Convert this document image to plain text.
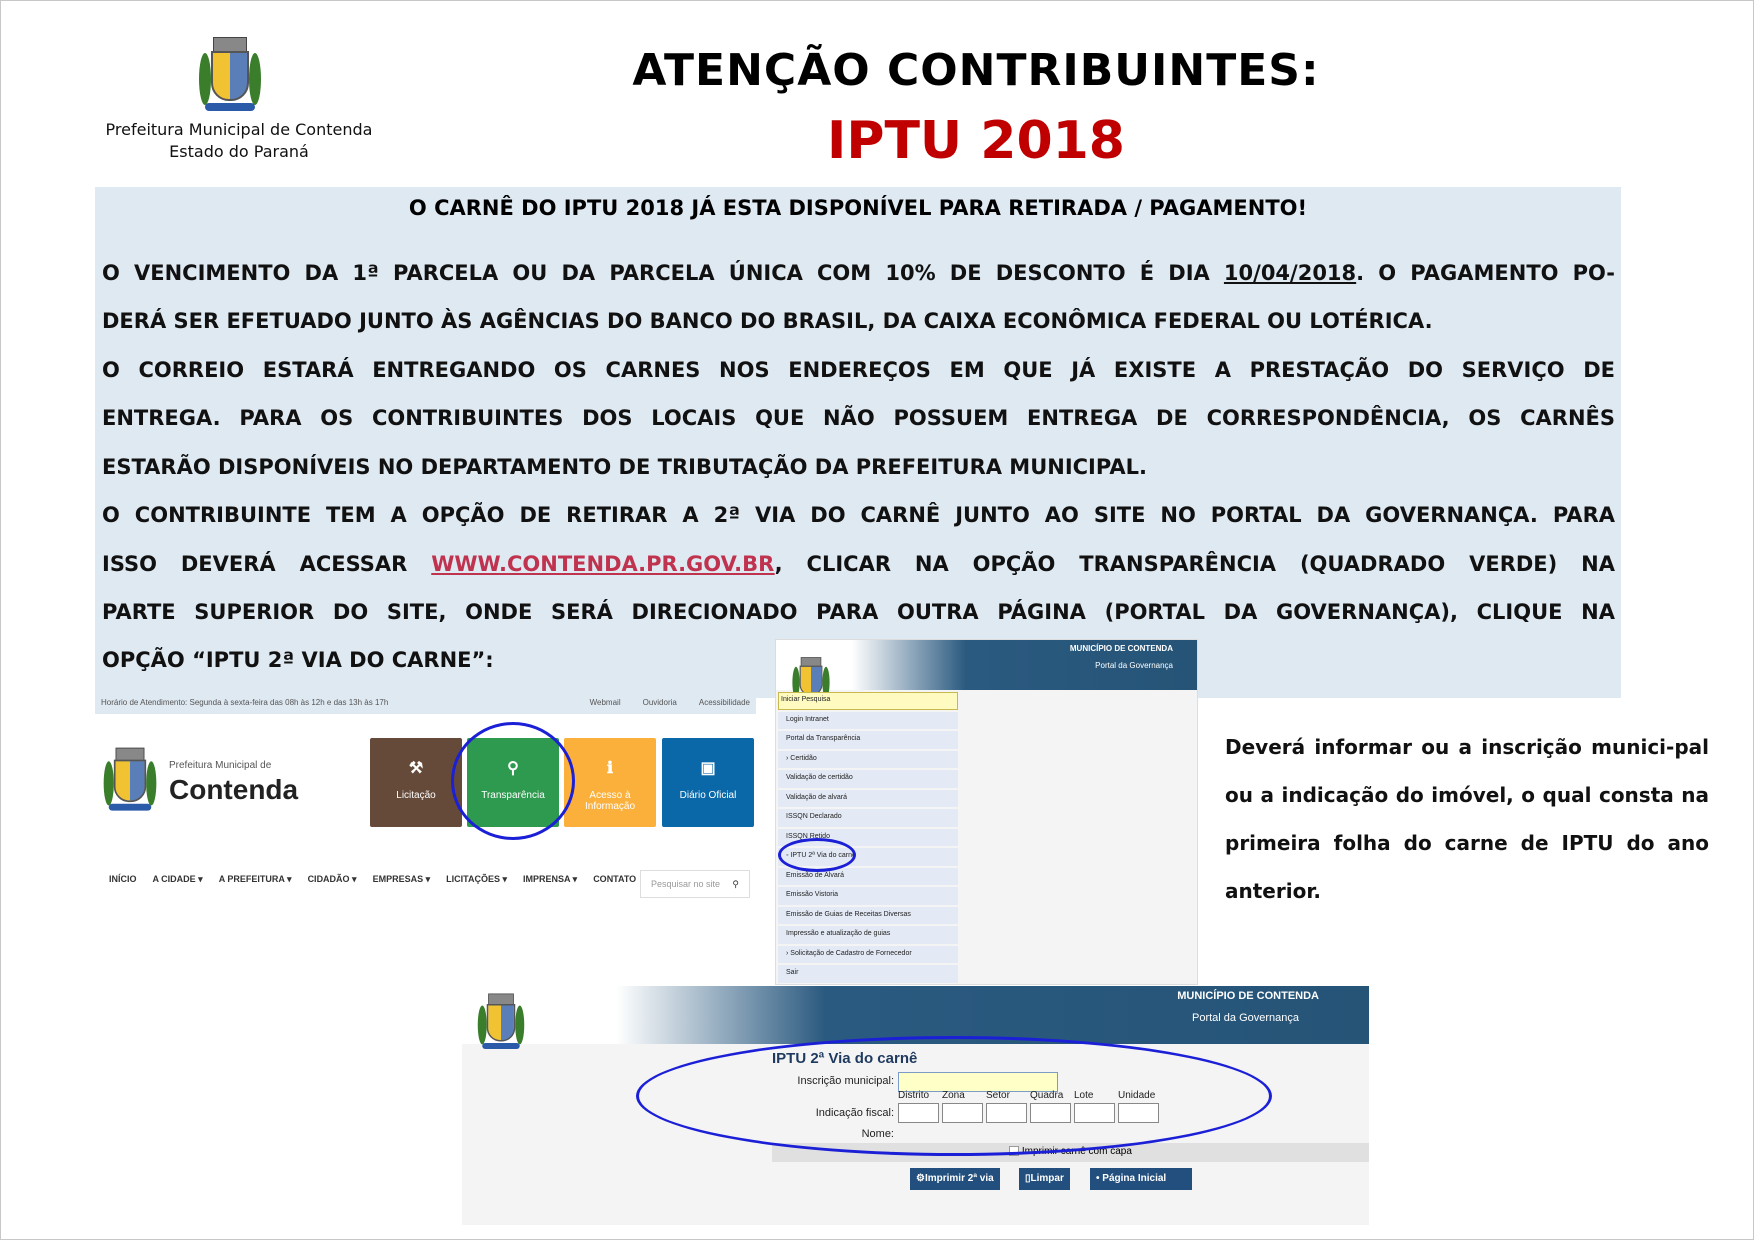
Prefeitura Municipal de Contenda
Estado do Paraná
ATENÇÃO CONTRIBUINTES:
IPTU 2018
O CARNÊ DO IPTU 2018 JÁ ESTA DISPONÍVEL PARA RETIRADA / PAGAMENTO!
O VENCIMENTO DA 1ª PARCELA OU DA PARCELA ÚNICA COM 10% DE DESCONTO É DIA 10/04/2018. O PAGAMENTO PO-
DERÁ SER EFETUADO JUNTO ÀS AGÊNCIAS DO BANCO DO BRASIL, DA CAIXA ECONÔMICA FEDERAL OU LOTÉRICA.
O CORREIO ESTARÁ ENTREGANDO OS CARNES NOS ENDEREÇOS EM QUE JÁ EXISTE A PRESTAÇÃO DO SERVIÇO DE
ENTREGA. PARA OS CONTRIBUINTES DOS LOCAIS QUE NÃO POSSUEM ENTREGA DE CORRESPONDÊNCIA, OS CARNÊS
ESTARÃO DISPONÍVEIS NO DEPARTAMENTO DE TRIBUTAÇÃO DA PREFEITURA MUNICIPAL.
O CONTRIBUINTE TEM A OPÇÃO DE RETIRAR A 2ª VIA DO CARNÊ JUNTO AO SITE NO PORTAL DA GOVERNANÇA. PARA
ISSO DEVERÁ ACESSAR WWW.CONTENDA.PR.GOV.BR, CLICAR NA OPÇÃO TRANSPARÊNCIA (QUADRADO VERDE) NA
PARTE SUPERIOR DO SITE, ONDE SERÁ DIRECIONADO PARA OUTRA PÁGINA (PORTAL DA GOVERNANÇA), CLIQUE NA
OPÇÃO “IPTU 2ª VIA DO CARNE”:
Horário de Atendimento: Segunda à sexta-feira das 08h às 12h e das 13h às 17h	Webmail	Ouvidoria	Acessibilidade
Prefeitura Municipal de
Contenda
⚒
Licitação
⚲
Transparência
ℹ
Acesso à Informação
▣
Diário Oficial
INÍCIO A CIDADE ▾ A PREFEITURA ▾ CIDADÃO ▾ EMPRESAS ▾ LICITAÇÕES ▾ IMPRENSA ▾ CONTATO	Pesquisar no site ⚲
MUNICÍPIO DE CONTENDA
Portal da Governança
Iniciar Pesquisa
Login Intranet
Portal da Transparência
› Certidão
Validação de certidão
Validação de alvará
ISSQN Declarado
ISSQN Retido
◦ IPTU 2ª Via do carnê
Emissão de Alvará
Emissão Vistoria
Emissão de Guias de Receitas Diversas
Impressão e atualização de guias
› Solicitação de Cadastro de Fornecedor
Sair
Deverá informar ou a inscrição munici-pal ou a indicação do imóvel, o qual consta na primeira folha do carne de IPTU do ano anterior.
MUNICÍPIO DE CONTENDA
Portal da Governança
IPTU 2ª Via do carnê
Inscrição municipal:
Indicação fiscal:
Distrito Zona Setor Quadra Lote Unidade
Nome:
Imprimir carnê com capa
⚙Imprimir 2ª via	▯Limpar	• Página Inicial
